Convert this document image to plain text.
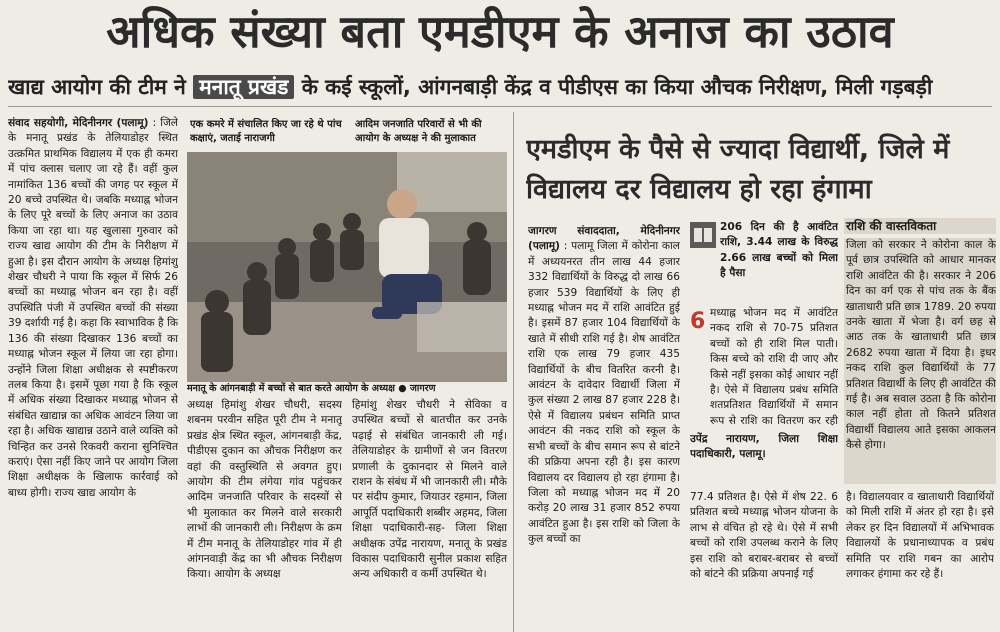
अधिक संख्या बता एमडीएम के अनाज का उठाव
खाद्य आयोग की टीम ने मनातू प्रखंड के कई स्कूलों, आंगनबाड़ी केंद्र व पीडीएस का किया औचक निरीक्षण, मिली गड़बड़ी
संवाद सहयोगी, मेदिनीनगर (पलामू) : जिले के मनातू प्रखंड के तेलियाडोहर स्थित उत्क्रमित प्राथमिक विद्यालय में एक ही कमरा में पांच क्लास चलाए जा रहे हैं। वहीं कुल नामांकित 136 बच्चों की जगह पर स्कूल में 20 बच्चे उपस्थित थे। जबकि मध्याह्न भोजन के लिए पूरे बच्चों के लिए अनाज का उठाव किया जा रहा था। यह खुलासा गुरुवार को राज्य खाद्य आयोग की टीम के निरीक्षण में हुआ है। इस दौरान आयोग के अध्यक्ष हिमांशु शेखर चौधरी ने पाया कि स्कूल में सिर्फ 26 बच्चों का मध्याह्न भोजन बन रहा है। वहीं उपस्थिति पंजी में उपस्थित बच्चों की संख्या 39 दर्शायी गई है। कहा कि स्वाभाविक है कि 136 की संख्या दिखाकर 136 बच्चों का मध्याह्न भोजन स्कूल में लिया जा रहा होगा। उन्होंने जिला शिक्षा अधीक्षक से स्पष्टीकरण तलब किया है। इसमें पूछा गया है कि स्कूल में अधिक संख्या दिखाकर मध्याह्न भोजन से संबंधित खाद्यान्न का अधिक आवंटन लिया जा रहा है। अधिक खाद्यान्न उठाने वाले व्यक्ति को चिन्हित कर उनसे रिकवरी कराना सुनिश्चित कराएं। ऐसा नहीं किए जाने पर आयोग जिला शिक्षा अधीक्षक के खिलाफ कार्रवाई को बाध्य होगी। राज्य खाद्य आयोग के
एक कमरे में संचालित किए जा रहे थे पांच कक्षाएं, जताई नाराजगी
आदिम जनजाति परिवारों से भी की आयोग के अध्यक्ष ने की मुलाकात
मनातू के आंगनबाड़ी में बच्चों से बात करते आयोग के अध्यक्ष ● जागरण
अध्यक्ष हिमांशु शेखर चौधरी, सदस्य शबनम परवीन सहित पूरी टीम ने मनातू प्रखंड क्षेत्र स्थित स्कूल, आंगनबाड़ी केंद्र, पीडीएस दुकान का औचक निरीक्षण कर वहां की वस्तुस्थिति से अवगत हुए। आयोग की टीम लंगेया गांव पहुंचकर आदिम जनजाति परिवार के सदस्यों से भी मुलाकात कर मिलने वाले सरकारी लाभों की जानकारी ली। निरीक्षण के क्रम में टीम मनातू के तेलियाडोहर गांव में ही आंगनवाड़ी केंद्र का भी औचक निरीक्षण किया। आयोग के अध्यक्ष
हिमांशु शेखर चौधरी ने सेविका व उपस्थित बच्चों से बातचीत कर उनके पढ़ाई से संबंधित जानकारी ली गई। तेलियाडोहर के ग्रामीणों से जन वितरण प्रणाली के दुकानदार से मिलने वाले राशन के संबंध में भी जानकारी ली। मौके पर संदीप कुमार, जियाउर रहमान, जिला आपूर्ति पदाधिकारी शब्बीर अहमद, जिला शिक्षा पदाधिकारी-सह- जिला शिक्षा अधीक्षक उपेंद्र नारायण, मनातू के प्रखंड विकास पदाधिकारी सुनील प्रकाश सहित अन्य अधिकारी व कर्मी उपस्थित थे।
एमडीएम के पैसे से ज्यादा विद्यार्थी, जिले में विद्यालय दर विद्यालय हो रहा हंगामा
जागरण संवाददाता, मेदिनीनगर (पलामू) : पलामू जिला में कोरोना काल में अध्ययनरत तीन लाख 44 हजार 332 विद्यार्थियों के विरुद्ध दो लाख 66 हजार 539 विद्यार्थियों के लिए ही मध्याह्न भोजन मद में राशि आवंटित हुई है। इसमें 87 हजार 104 विद्यार्थियों के खाते में सीधी राशि गई है। शेष आवंटित राशि एक लाख 79 हजार 435 विद्यार्थियों के बीच वितरित करनी है। आवंटन के दावेदार विद्यार्थी जिला में कुल संख्या 2 लाख 87 हजार 228 है। ऐसे में विद्यालय प्रबंधन समिति प्राप्त आवंटन की नकद राशि को स्कूल के सभी बच्चों के बीच समान रूप से बांटने की प्रक्रिया अपना रही है। इस कारण विद्यालय दर विद्यालय हो रहा हंगामा है। जिला को मध्याह्न भोजन मद में 20 करोड़ 20 लाख 31 हजार 852 रुपया आवंटित हुआ है। इस राशि को जिला के कुल बच्चों का
206 दिन की है आवंटित राशि, 3.44 लाख के विरुद्ध 2.66 लाख बच्चों को मिला है पैसा
6 मध्याह्न भोजन मद में आवंटित नकद राशि से 70-75 प्रतिशत बच्चों को ही राशि मिल पाती। किस बच्चे को राशि दी जाए और किसे नहीं इसका कोई आधार नहीं है। ऐसे में विद्यालय प्रबंध समिति शतप्रतिशत विद्यार्थियों में समान रूप से राशि का वितरण कर रही
उपेंद्र नारायण, जिला शिक्षा पदाधिकारी, पलामू।
77.4 प्रतिशत है। ऐसे में शेष 22. 6 प्रतिशत बच्चे मध्याह्न भोजन योजना के लाभ से वंचित हो रहे थे। ऐसे में सभी बच्चों को राशि उपलब्ध कराने के लिए इस राशि को बराबर-बराबर से बच्चों को बांटने की प्रक्रिया अपनाई गई
राशि की वास्तविकता
जिला को सरकार ने कोरोना काल के पूर्व छात्र उपस्थिति को आधार मानकर राशि आवंटित की है। सरकार ने 206 दिन का वर्ग एक से पांच तक के बैंक खाताधारी प्रति छात्र 1789. 20 रुपया उनके खाता में भेजा है। वर्ग छह से आठ तक के खाताधारी प्रति छात्र 2682 रुपया खाता में दिया है। इधर नकद राशि कुल विद्यार्थियों के 77 प्रतिशत विद्यार्थी के लिए ही आवंटित की गई है। अब सवाल उठता है कि कोरोना काल नहीं होता तो कितने प्रतिशत विद्यार्थी विद्यालय आते इसका आकलन कैसे होगा।
है। विद्यालयवार व खाताधारी विद्यार्थियों को मिली राशि में अंतर हो रहा है। इसे लेकर हर दिन विद्यालयों में अभिभावक विद्यालयों के प्रधानाध्यापक व प्रबंध समिति पर राशि गबन का आरोप लगाकर हंगामा कर रहे हैं।
